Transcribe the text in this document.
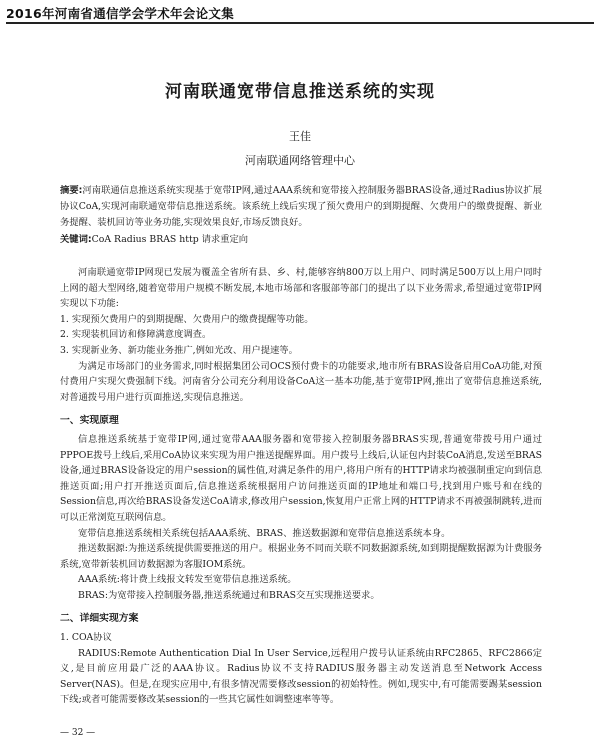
2016年河南省通信学会学术年会论文集
河南联通宽带信息推送系统的实现
王佳
河南联通网络管理中心
摘要:河南联通信息推送系统实现基于宽带IP网,通过AAA系统和宽带接入控制服务器BRAS设备,通过Radius协议扩展协议CoA,实现河南联通宽带信息推送系统。该系统上线后实现了预欠费用户的到期提醒、欠费用户的缴费提醒、新业务提醒、装机回访等业务功能,实现效果良好,市场反馈良好。
关键词:CoA Radius BRAS http 请求重定向

河南联通宽带IP网现已发展为覆盖全省所有县、乡、村,能够容纳800万以上用户、同时满足500万以上用户同时上网的超大型网络,随着宽带用户规模不断发展,本地市场部和客服部等部门的提出了以下业务需求,希望通过宽带IP网实现以下功能:

1. 实现预欠费用户的到期提醒、欠费用户的缴费提醒等功能。

2. 实现装机回访和修障满意度调查。

3. 实现新业务、新功能业务推广,例如光改、用户提速等。

为满足市场部门的业务需求,同时根据集团公司OCS预付费卡的功能要求,地市所有BRAS设备启用CoA功能,对预付费用户实现欠费强制下线。河南省分公司充分利用设备CoA这一基本功能,基于宽带IP网,推出了宽带信息推送系统,对普通拨号用户进行页面推送,实现信息推送。

一、实现原理

信息推送系统基于宽带IP网,通过宽带AAA服务器和宽带接入控制服务器BRAS实现,普通宽带拨号用户通过PPPOE拨号上线后,采用CoA协议来实现为用户推送提醒界面。用户拨号上线后,认证包内封装CoA消息,发送至BRAS设备,通过BRAS设备设定的用户session的属性值,对满足条件的用户,将用户所有的HTTP请求均被强制重定向到信息推送页面;用户打开推送页面后,信息推送系统根据用户访问推送页面的IP地址和端口号,找到用户账号和在线的Session信息,再次给BRAS设备发送CoA请求,修改用户session,恢复用户正常上网的HTTP请求不再被强制跳转,进而可以正常浏览互联网信息。

宽带信息推送系统相关系统包括AAA系统、BRAS、推送数据源和宽带信息推送系统本身。

推送数据源:为推送系统提供需要推送的用户。根据业务不同而关联不同数据源系统,如到期提醒数据源为计费服务系统,宽带新装机回访数据源为客服IOM系统。

AAA系统:将计费上线报文转发至宽带信息推送系统。

BRAS:为宽带接入控制服务器,推送系统通过和BRAS交互实现推送要求。

二、详细实现方案

1. COA协议

RADIUS:Remote Authentication Dial In User Service,远程用户拨号认证系统由RFC2865、RFC2866定义,是目前应用最广泛的AAA协议。Radius协议不支持RADIUS服务器主动发送消息至Network Access Server(NAS)。但是,在现实应用中,有很多情况需要修改session的初始特性。例如,现实中,有可能需要踢某session下线;或者可能需要修改某session的一些其它属性如调整速率等等。

— 32 —
